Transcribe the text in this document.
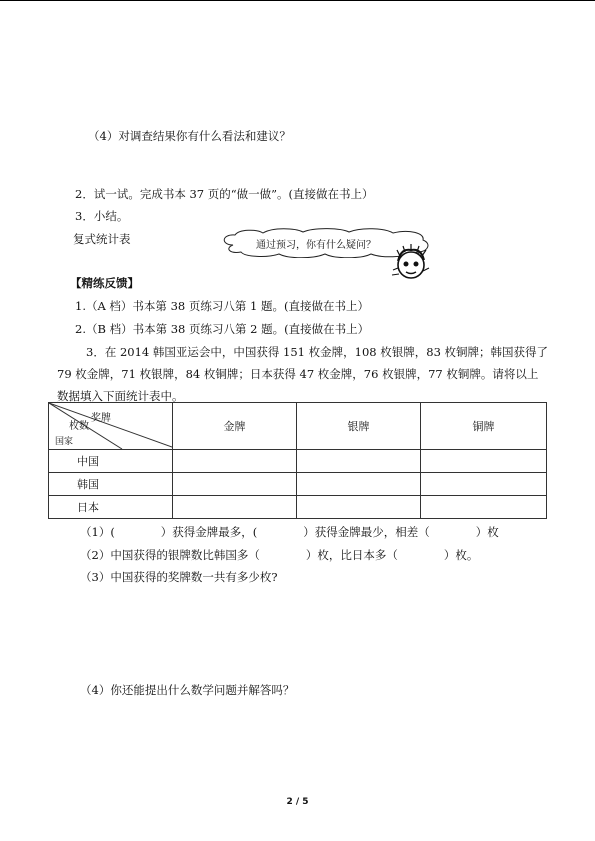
（4）对调查结果你有什么看法和建议？
2．试一试。完成书本 37 页的“做一做”。(直接做在书上）
3．小结。
复式统计表	通过预习，你有什么疑问？
【精练反馈】
1.（A 档）书本第 38 页练习八第 1 题。(直接做在书上）
2.（B 档）书本第 38 页练习八第 2 题。(直接做在书上）
3．在 2014 韩国亚运会中，中国获得 151 枚金牌，108 枚银牌，83 枚铜牌；韩国获得了
79 枚金牌，71 枚银牌，84 枚铜牌；日本获得 47 枚金牌，76 枚银牌，77 枚铜牌。请将以上
数据填入下面统计表中。
奖牌
枚数
国家	金牌	银牌	铜牌
中国			
韩国			
日本			
（1）(　　　　）获得金牌最多，(　　　　）获得金牌最少，相差（　　　　）枚
（2）中国获得的银牌数比韩国多（　　　　）枚，比日本多（　　　　）枚。
（3）中国获得的奖牌数一共有多少枚?
（4）你还能提出什么数学问题并解答吗？
2 / 5
